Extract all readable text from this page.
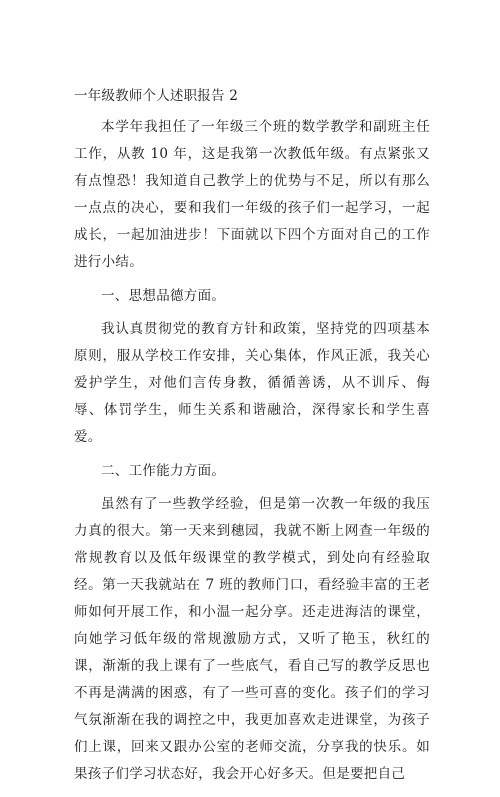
一年级教师个人述职报告 2

本学年我担任了一年级三个班的数学教学和副班主任工作，从教 10 年，这是我第一次教低年级。有点紧张又有点惶恐！我知道自己教学上的优势与不足，所以有那么一点点的决心，要和我们一年级的孩子们一起学习，一起成长，一起加油进步！下面就以下四个方面对自己的工作进行小结。

一、思想品德方面。

我认真贯彻党的教育方针和政策，坚持党的四项基本原则，服从学校工作安排，关心集体，作风正派，我关心爱护学生，对他们言传身教，循循善诱，从不训斥、侮辱、体罚学生，师生关系和谐融洽，深得家长和学生喜爱。

二、工作能力方面。

虽然有了一些教学经验，但是第一次教一年级的我压力真的很大。第一天来到穗园，我就不断上网查一年级的常规教育以及低年级课堂的教学模式，到处向有经验取经。第一天我就站在 7 班的教师门口，看经验丰富的王老师如何开展工作，和小温一起分享。还走进海洁的课堂，向她学习低年级的常规激励方式，又听了艳玉，秋红的课，渐渐的我上课有了一些底气，看自己写的教学反思也不再是满满的困惑，有了一些可喜的变化。孩子们的学习气氛渐渐在我的调控之中，我更加喜欢走进课堂，为孩子们上课，回来又跟办公室的老师交流，分享我的快乐。如果孩子们学习状态好，我会开心好多天。但是要把自己
